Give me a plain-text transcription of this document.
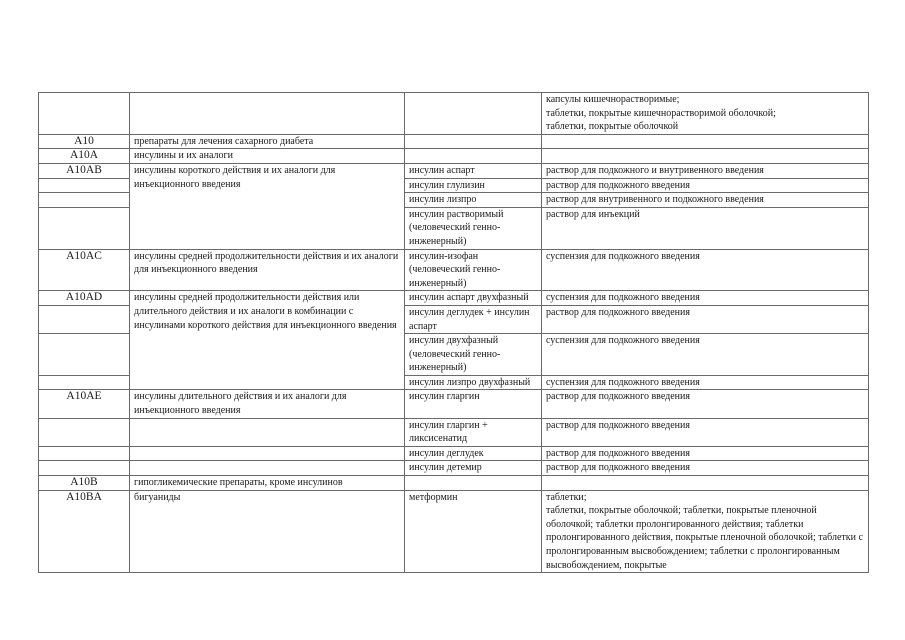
			капсулы кишечнорастворимые;
таблетки, покрытые кишечнорастворимой оболочкой;
таблетки, покрытые оболочкой
A10	препараты для лечения сахарного диабета		
A10A	инсулины и их аналоги		
A10AB	инсулины короткого действия и их аналоги для инъекционного введения	инсулин аспарт	раствор для подкожного и внутривенного введения
		инсулин глулизин	раствор для подкожного введения
		инсулин лизпро	раствор для внутривенного и подкожного введения
		инсулин растворимый (человеческий генно-инженерный)	раствор для инъекций
A10AC	инсулины средней продолжительности действия и их аналоги для инъекционного введения	инсулин-изофан (человеческий генно-инженерный)	суспензия для подкожного введения
A10AD	инсулины средней продолжительности действия или длительного действия и их аналоги в комбинации с инсулинами короткого действия для инъекционного введения	инсулин аспарт двухфазный	суспензия для подкожного введения
		инсулин деглудек + инсулин аспарт	раствор для подкожного введения
		инсулин двухфазный (человеческий генно-инженерный)	суспензия для подкожного введения
		инсулин лизпро двухфазный	суспензия для подкожного введения
A10AE	инсулины длительного действия и их аналоги для инъекционного введения	инсулин гларгин	раствор для подкожного введения
		инсулин гларгин + ликсисенатид	раствор для подкожного введения
		инсулин деглудек	раствор для подкожного введения
		инсулин детемир	раствор для подкожного введения
A10B	гипогликемические препараты, кроме инсулинов		
A10BA	бигуаниды	метформин	таблетки;
таблетки, покрытые оболочкой; таблетки, покрытые пленочной оболочкой; таблетки пролонгированного действия; таблетки пролонгированного действия, покрытые пленочной оболочкой; таблетки с пролонгированным высвобождением; таблетки с пролонгированным высвобождением, покрытые
